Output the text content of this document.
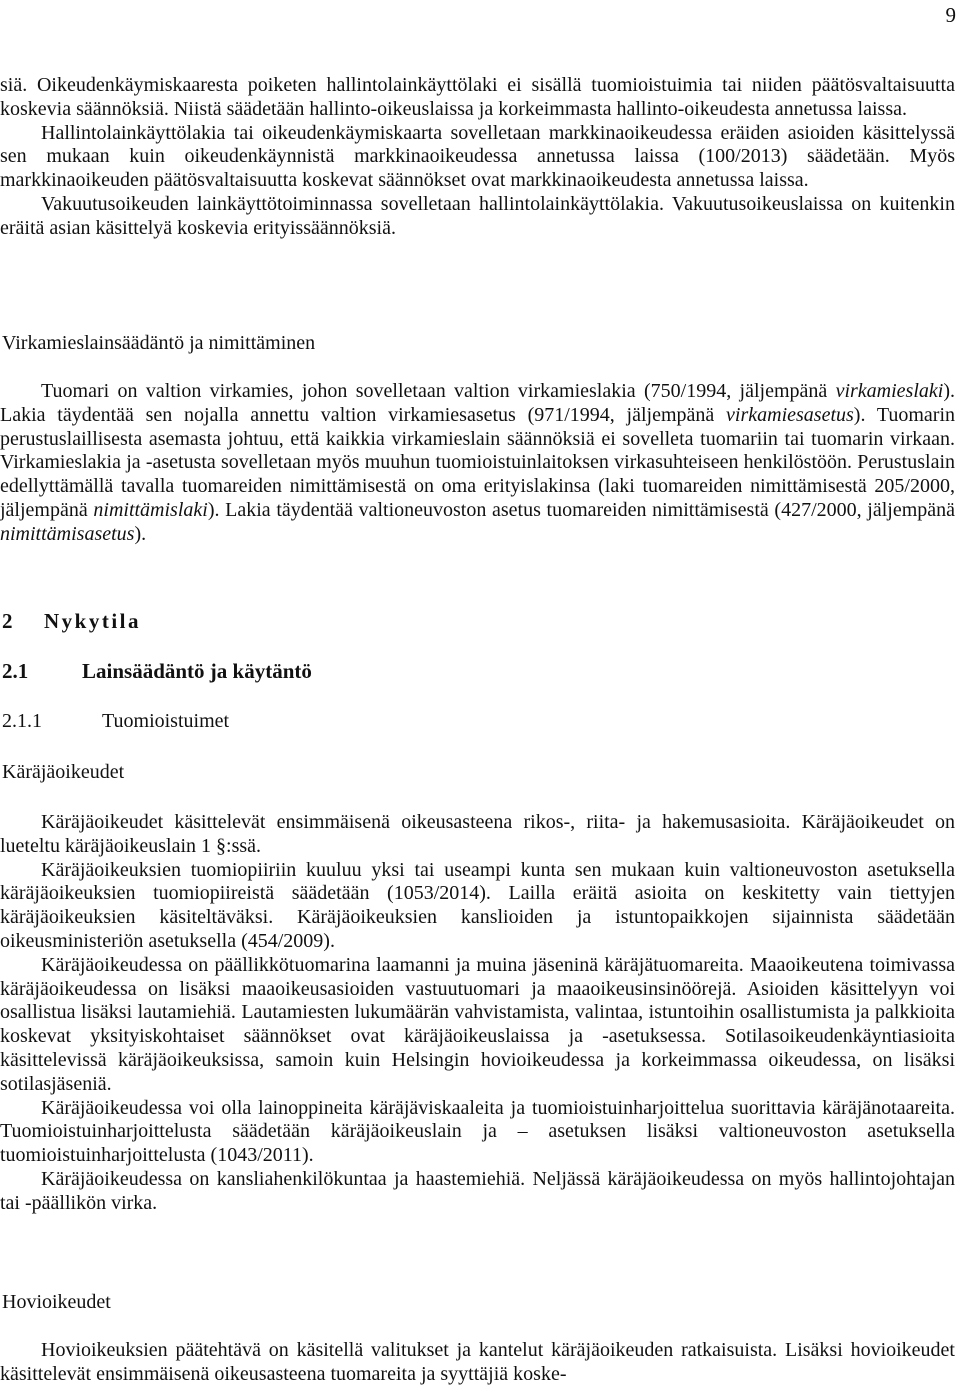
9

siä. Oikeudenkäymiskaaresta poiketen hallintolainkäyttölaki ei sisällä tuomioistuimia tai niiden päätösvaltaisuutta koskevia säännöksiä. Niistä säädetään hallinto-oikeuslaissa ja korkeimmasta hallinto-oikeudesta annetussa laissa.

Hallintolainkäyttölakia tai oikeudenkäymiskaarta sovelletaan markkinaoikeudessa eräiden asioiden käsittelyssä sen mukaan kuin oikeudenkäynnistä markkinaoikeudessa annetussa laissa (100/2013) säädetään. Myös markkinaoikeuden päätösvaltaisuutta koskevat säännökset ovat markkinaoikeudesta annetussa laissa.

Vakuutusoikeuden lainkäyttötoiminnassa sovelletaan hallintolainkäyttölakia. Vakuutusoikeuslaissa on kuitenkin eräitä asian käsittelyä koskevia erityissäännöksiä.

Virkamieslainsäädäntö ja nimittäminen

Tuomari on valtion virkamies, johon sovelletaan valtion virkamieslakia (750/1994, jäljempänä virkamieslaki). Lakia täydentää sen nojalla annettu valtion virkamiesasetus (971/1994, jäljempänä virkamiesasetus). Tuomarin perustuslaillisesta asemasta johtuu, että kaikkia virkamieslain säännöksiä ei sovelleta tuomariin tai tuomarin virkaan. Virkamieslakia ja -asetusta sovelletaan myös muuhun tuomioistuinlaitoksen virkasuhteiseen henkilöstöön. Perustuslain edellyttämällä tavalla tuomareiden nimittämisestä on oma erityislakinsa (laki tuomareiden nimittämisestä 205/2000, jäljempänä nimittämislaki). Lakia täydentää valtioneuvoston asetus tuomareiden nimittämisestä (427/2000, jäljempänä nimittämisasetus).

2 Nykytila
2.1	Lainsäädäntö ja käytäntö
2.1.1	Tuomioistuimet
Käräjäoikeudet

Käräjäoikeudet käsittelevät ensimmäisenä oikeusasteena rikos-, riita- ja hakemusasioita. Käräjäoikeudet on lueteltu käräjäoikeuslain 1 §:ssä.

Käräjäoikeuksien tuomiopiiriin kuuluu yksi tai useampi kunta sen mukaan kuin valtioneuvoston asetuksella käräjäoikeuksien tuomiopiireistä säädetään (1053/2014). Lailla eräitä asioita on keskitetty vain tiettyjen käräjäoikeuksien käsiteltäväksi. Käräjäoikeuksien kanslioiden ja istuntopaikkojen sijainnista säädetään oikeusministeriön asetuksella (454/2009).

Käräjäoikeudessa on päällikkötuomarina laamanni ja muina jäseninä käräjätuomareita. Maaoikeutena toimivassa käräjäoikeudessa on lisäksi maaoikeusasioiden vastuutuomari ja maaoikeusinsinöörejä. Asioiden käsittelyyn voi osallistua lisäksi lautamiehiä. Lautamiesten lukumäärän vahvistamista, valintaa, istuntoihin osallistumista ja palkkioita koskevat yksityiskohtaiset säännökset ovat käräjäoikeuslaissa ja -asetuksessa. Sotilasoikeudenkäyntiasioita käsittelevissä käräjäoikeuksissa, samoin kuin Helsingin hovioikeudessa ja korkeimmassa oikeudessa, on lisäksi sotilasjäseniä.

Käräjäoikeudessa voi olla lainoppineita käräjäviskaaleita ja tuomioistuinharjoittelua suorittavia käräjänotaareita. Tuomioistuinharjoittelusta säädetään käräjäoikeuslain ja – asetuksen lisäksi valtioneuvoston asetuksella tuomioistuinharjoittelusta (1043/2011).

Käräjäoikeudessa on kansliahenkilökuntaa ja haastemiehiä. Neljässä käräjäoikeudessa on myös hallintojohtajan tai -päällikön virka.

Hovioikeudet

Hovioikeuksien päätehtävä on käsitellä valitukset ja kantelut käräjäoikeuden ratkaisuista. Lisäksi hovioikeudet käsittelevät ensimmäisenä oikeusasteena tuomareita ja syyttäjiä koske-
